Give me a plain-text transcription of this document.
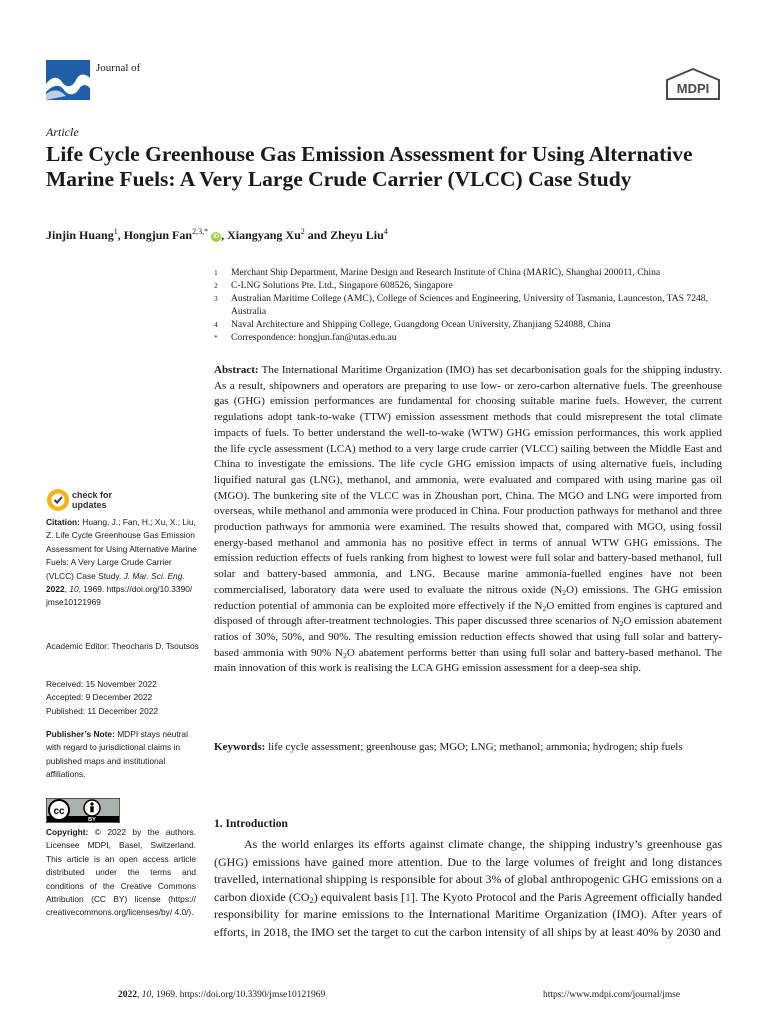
Journal of
MDPI
Article
Life Cycle Greenhouse Gas Emission Assessment for Using Alternative Marine Fuels: A Very Large Crude Carrier (VLCC) Case Study
Jinjin Huang$^1$, Hongjun Fan$^{2,3,*}$ iD , Xiangyang Xu$^2$ and Zheyu Liu$^4$
1	Merchant Ship Department, Marine Design and Research Institute of China (MARIC), Shanghai 200011, China
2	C-LNG Solutions Pte. Ltd., Singapore 608526, Singapore
3	Australian Maritime College (AMC), College of Sciences and Engineering, University of Tasmania, Launceston, TAS 7248, Australia
4	Naval Architecture and Shipping College, Guangdong Ocean University, Zhanjiang 524088, China
*	Correspondence: hongjun.fan@utas.edu.au

Abstract: The International Maritime Organization (IMO) has set decarbonisation goals for the shipping industry. As a result, shipowners and operators are preparing to use low- or zero-carbon alternative fuels. The greenhouse gas (GHG) emission performances are fundamental for choosing suitable marine fuels. However, the current regulations adopt tank-to-wake (TTW) emission assessment methods that could misrepresent the total climate impacts of fuels. To better understand the well-to-wake (WTW) GHG emission performances, this work applied the life cycle assessment (LCA) method to a very large crude carrier (VLCC) sailing between the Middle East and China to investigate the emissions. The life cycle GHG emission impacts of using alternative fuels, including liquified natural gas (LNG), methanol, and ammonia, were evaluated and compared with using marine gas oil (MGO). The bunkering site of the VLCC was in Zhoushan port, China. The MGO and LNG were imported from overseas, while methanol and ammonia were produced in China. Four production pathways for methanol and three production pathways for ammonia were examined. The results showed that, compared with MGO, using fossil energy-based methanol and ammonia has no positive effect in terms of annual WTW GHG emissions. The emission reduction effects of fuels ranking from highest to lowest were full solar and battery-based methanol, full solar and battery-based ammonia, and LNG. Because marine ammonia-fuelled engines have not been commercialised, laboratory data were used to evaluate the nitrous oxide $(N_2O)$ emissions. The GHG emission reduction potential of ammonia can be exploited more effectively if the $N_2O$ emitted from engines is captured and disposed of through after-treatment technologies. This paper discussed three scenarios of $N_2O$ emission abatement ratios of 30%, 50%, and 90%. The resulting emission reduction effects showed that using full solar and battery-based ammonia with 90% $N_2O$ abatement performs better than using full solar and battery-based methanol. The main innovation of this work is realising the LCA GHG emission assessment for a deep-sea ship.

Keywords: life cycle assessment; greenhouse gas; MGO; LNG; methanol; ammonia; hydrogen; ship fuels

check for
updates
Citation: Huang, J.; Fan, H.; Xu, X.; Liu, Z. Life Cycle Greenhouse Gas Emission Assessment for Using Alternative Marine Fuels: A Very Large Crude Carrier (VLCC) Case Study. J. Mar. Sci. Eng. 2022, 10, 1969. https://doi.org/10.3390/ jmse10121969
Academic Editor: Theocharis D. Tsoutsos
Received: 15 November 2022
Accepted: 9 December 2022
Published: 11 December 2022
Publisher’s Note: MDPI stays neutral with regard to jurisdictional claims in published maps and institutional affiliations.
cc
BY
Copyright: © 2022 by the authors. Licensee MDPI, Basel, Switzerland. This article is an open access article distributed under the terms and conditions of the Creative Commons Attribution (CC BY) license (https:// creativecommons.org/licenses/by/ 4.0/).
1. Introduction

As the world enlarges its efforts against climate change, the shipping industry’s greenhouse gas (GHG) emissions have gained more attention. Due to the large volumes of freight and long distances travelled, international shipping is responsible for about 3% of global anthropogenic GHG emissions on a carbon dioxide $(CO_2)$ equivalent basis [1]. The Kyoto Protocol and the Paris Agreement officially handed responsibility for marine emissions to the International Maritime Organization (IMO). After years of efforts, in 2018, the IMO set the target to cut the carbon intensity of all ships by at least 40% by 2030 and

2022, 10, 1969. https://doi.org/10.3390/jmse10121969	https://www.mdpi.com/journal/jmse
